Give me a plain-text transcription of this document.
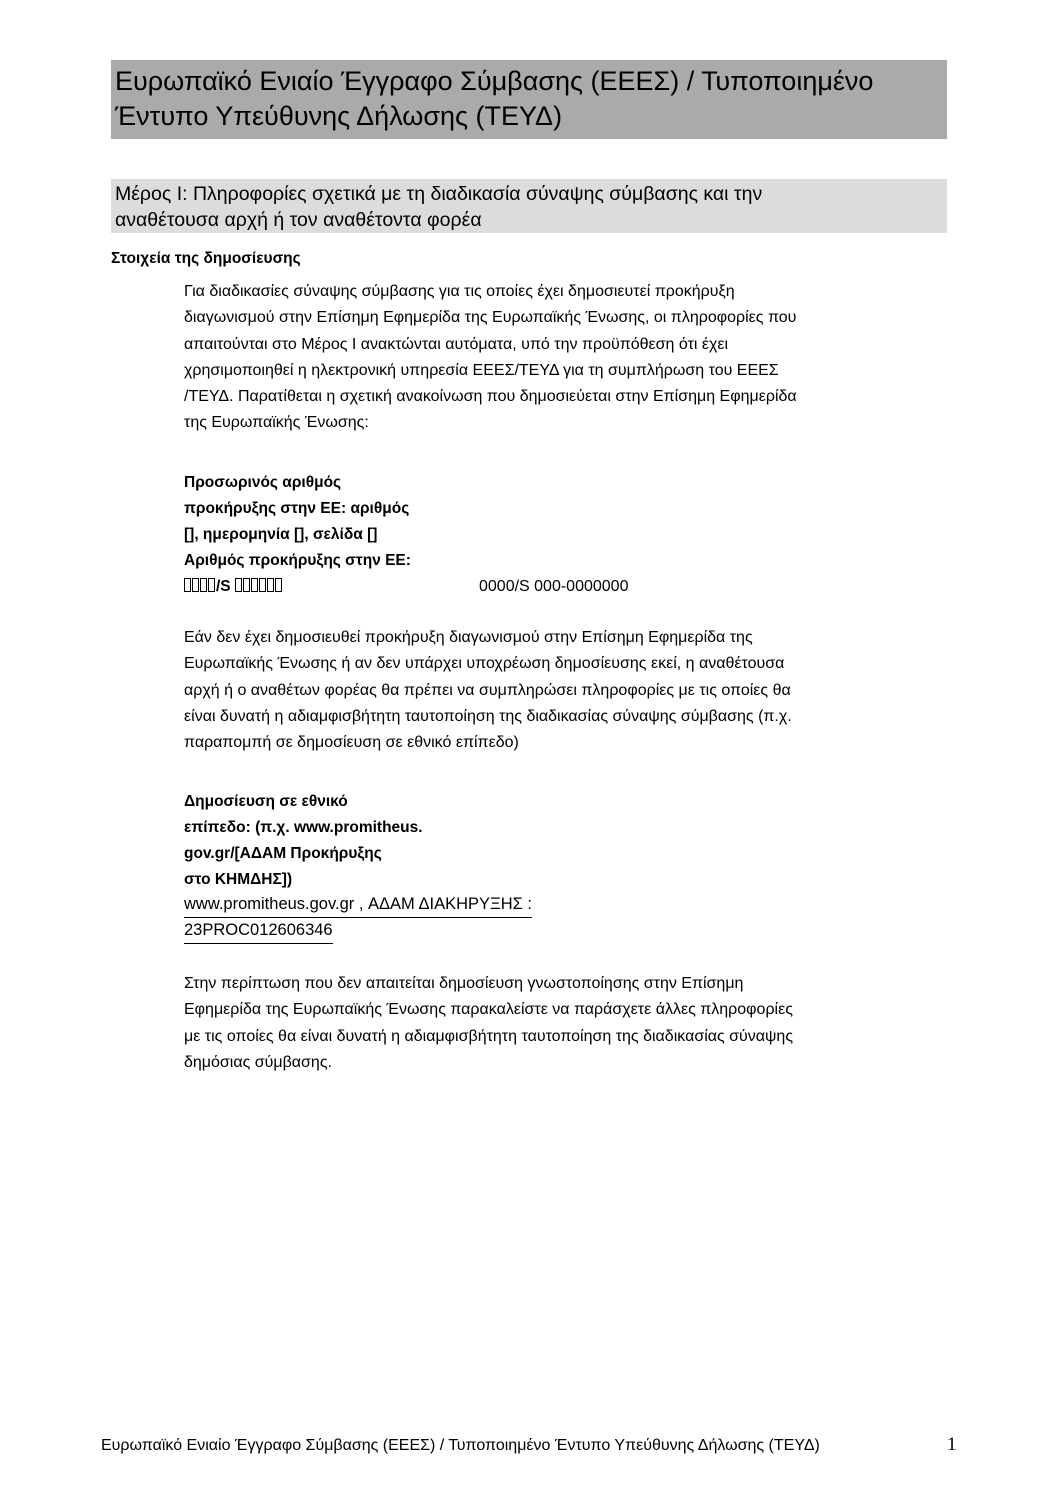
Ευρωπαϊκό Ενιαίο Έγγραφο Σύμβασης (ΕΕΕΣ) / Τυποποιημένο
Έντυπο Υπεύθυνης Δήλωσης (ΤΕΥΔ)
Μέρος Ι: Πληροφορίες σχετικά με τη διαδικασία σύναψης σύμβασης και την
αναθέτουσα αρχή ή τον αναθέτοντα φορέα
Στοιχεία της δημοσίευσης
Για διαδικασίες σύναψης σύμβασης για τις οποίες έχει δημοσιευτεί προκήρυξη
διαγωνισμού στην Επίσημη Εφημερίδα της Ευρωπαϊκής Ένωσης, οι πληροφορίες που
απαιτούνται στο Μέρος Ι ανακτώνται αυτόματα, υπό την προϋπόθεση ότι έχει
χρησιμοποιηθεί η ηλεκτρονική υπηρεσία ΕΕΕΣ/ΤΕΥΔ για τη συμπλήρωση του ΕΕΕΣ
/ΤΕΥΔ. Παρατίθεται η σχετική ανακοίνωση που δημοσιεύεται στην Επίσημη Εφημερίδα
της Ευρωπαϊκής Ένωσης:
Προσωρινός αριθμός
προκήρυξης στην ΕΕ: αριθμός
[], ημερομηνία [], σελίδα []
Αριθμός προκήρυξης στην ΕΕ:
/S	0000/S 000-0000000
Εάν δεν έχει δημοσιευθεί προκήρυξη διαγωνισμού στην Επίσημη Εφημερίδα της
Ευρωπαϊκής Ένωσης ή αν δεν υπάρχει υποχρέωση δημοσίευσης εκεί, η αναθέτουσα
αρχή ή ο αναθέτων φορέας θα πρέπει να συμπληρώσει πληροφορίες με τις οποίες θα
είναι δυνατή η αδιαμφισβήτητη ταυτοποίηση της διαδικασίας σύναψης σύμβασης (π.χ.
παραπομπή σε δημοσίευση σε εθνικό επίπεδο)
Δημοσίευση σε εθνικό
επίπεδο: (π.χ. www.promitheus.
gov.gr/[ΑΔΑΜ Προκήρυξης
στο ΚΗΜΔΗΣ])
www.promitheus.gov.gr , ΑΔΑΜ ΔΙΑΚΗΡΥΞΗΣ :
23PROC012606346
Στην περίπτωση που δεν απαιτείται δημοσίευση γνωστοποίησης στην Επίσημη
Εφημερίδα της Ευρωπαϊκής Ένωσης παρακαλείστε να παράσχετε άλλες πληροφορίες
με τις οποίες θα είναι δυνατή η αδιαμφισβήτητη ταυτοποίηση της διαδικασίας σύναψης
δημόσιας σύμβασης.
Ευρωπαϊκό Ενιαίο Έγγραφο Σύμβασης (ΕΕΕΣ) / Τυποποιημένο Έντυπο Υπεύθυνης Δήλωσης (ΤΕΥΔ)	1
